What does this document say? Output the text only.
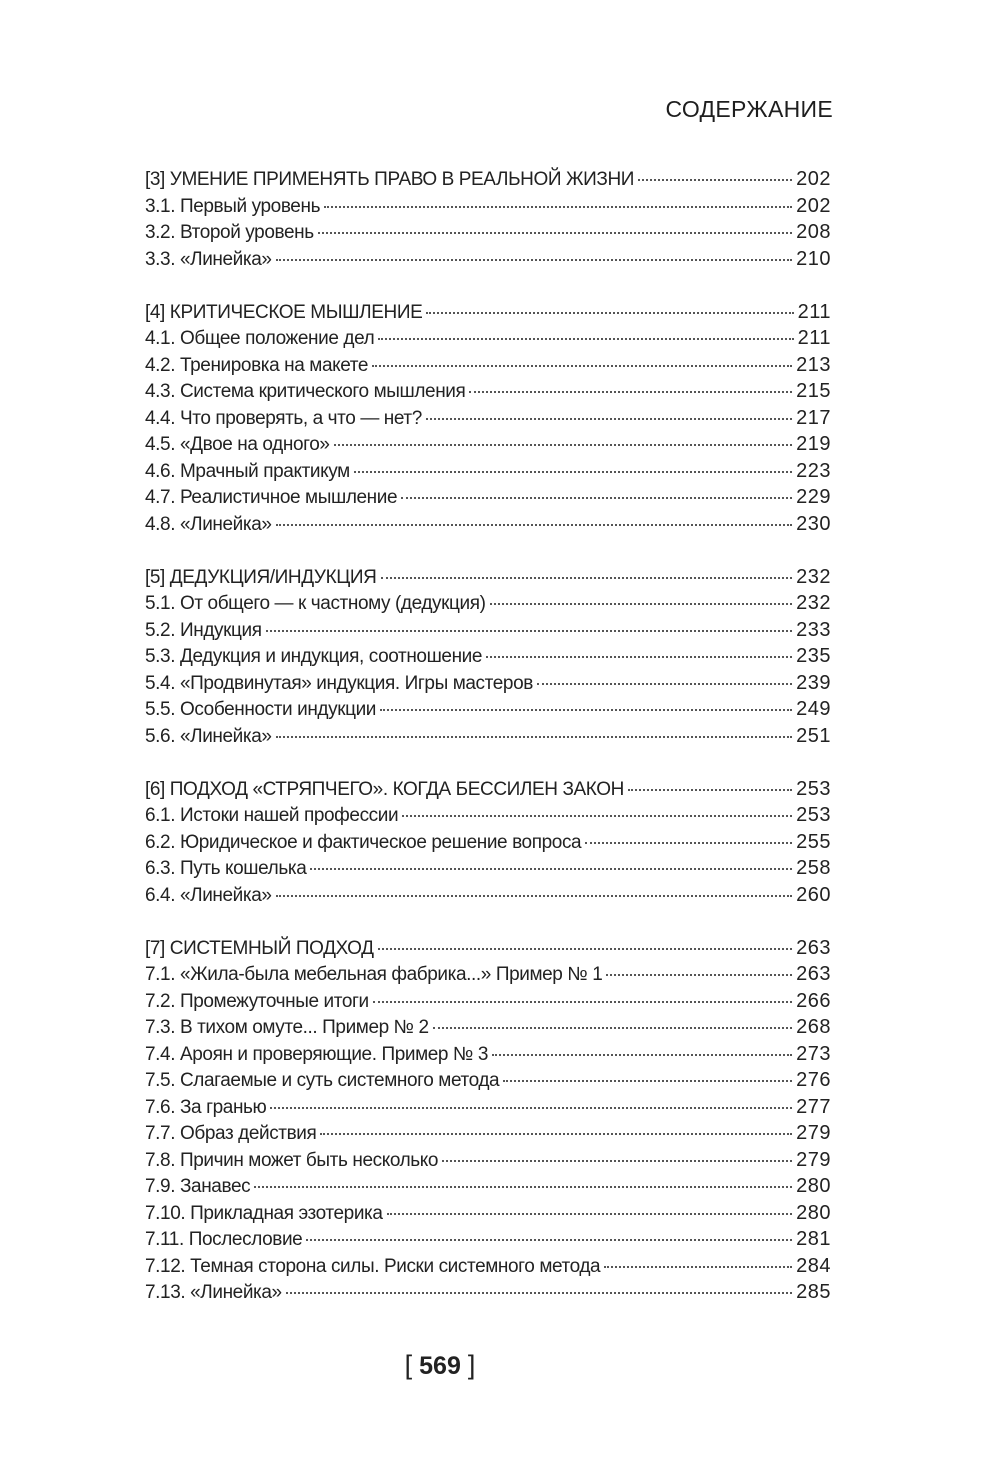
СОДЕРЖАНИЕ
[3] УМЕНИЕ ПРИМЕНЯТЬ ПРАВО В РЕАЛЬНОЙ ЖИЗНИ	202
3.1. Первый уровень	202
3.2. Второй уровень	208
3.3. «Линейка»	210
[4] КРИТИЧЕСКОЕ МЫШЛЕНИЕ	211
4.1. Общее положение дел	211
4.2. Тренировка на макете	213
4.3. Система критического мышления	215
4.4. Что проверять, а что — нет?	217
4.5. «Двое на одного»	219
4.6. Мрачный практикум	223
4.7. Реалистичное мышление	229
4.8. «Линейка»	230
[5] ДЕДУКЦИЯ/ИНДУКЦИЯ	232
5.1. От общего — к частному (дедукция)	232
5.2. Индукция	233
5.3. Дедукция и индукция, соотношение	235
5.4. «Продвинутая» индукция. Игры мастеров	239
5.5. Особенности индукции	249
5.6. «Линейка»	251
[6] ПОДХОД «СТРЯПЧЕГО». КОГДА БЕССИЛЕН ЗАКОН	253
6.1. Истоки нашей профессии	253
6.2. Юридическое и фактическое решение вопроса	255
6.3. Путь кошелька	258
6.4. «Линейка»	260
[7] СИСТЕМНЫЙ ПОДХОД	263
7.1. «Жила-была мебельная фабрика...» Пример № 1	263
7.2. Промежуточные итоги	266
7.3. В тихом омуте... Пример № 2	268
7.4. Ароян и проверяющие. Пример № 3	273
7.5. Слагаемые и суть системного метода	276
7.6. За гранью	277
7.7. Образ действия	279
7.8. Причин может быть несколько	279
7.9. Занавес	280
7.10. Прикладная эзотерика	280
7.11. Послесловие	281
7.12. Темная сторона силы. Риски системного метода	284
7.13. «Линейка»	285
[ 569 ]
